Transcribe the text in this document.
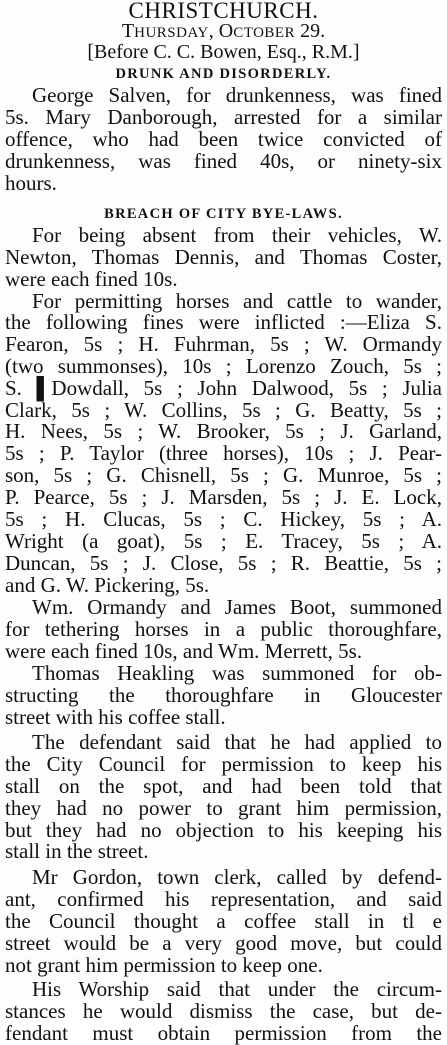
CHRISTCHURCH.
THURSDAY, OCTOBER 29.
[Before C. C. Bowen, Esq., R.M.]
DRUNK AND DISORDERLY.
George Salven, for drunkenness, was fined
5s. Mary Danborough, arrested for a similar
offence, who had been twice convicted of
drunkenness, was fined 40s, or ninety-six
hours.
BREACH OF CITY BYE-LAWS.
For being absent from their vehicles, W.
Newton, Thomas Dennis, and Thomas Coster,
were each fined 10s.
For permitting horses and cattle to wander,
the following fines were inflicted :—Eliza S.
Fearon, 5s ; H. Fuhrman, 5s ; W. Ormandy
(two summonses), 10s ; Lorenzo Zouch, 5s ;
S. ▌Dowdall, 5s ; John Dalwood, 5s ; Julia
Clark, 5s ; W. Collins, 5s ; G. Beatty, 5s ;
H. Nees, 5s ; W. Brooker, 5s ; J. Garland,
5s ; P. Taylor (three horses), 10s ; J. Pear-
son, 5s ; G. Chisnell, 5s ; G. Munroe, 5s ;
P. Pearce, 5s ; J. Marsden, 5s ; J. E. Lock,
5s ; H. Clucas, 5s ; C. Hickey, 5s ; A.
Wright (a goat), 5s ; E. Tracey, 5s ; A.
Duncan, 5s ; J. Close, 5s ; R. Beattie, 5s ;
and G. W. Pickering, 5s.
Wm. Ormandy and James Boot, summoned
for tethering horses in a public thoroughfare,
were each fined 10s, and Wm. Merrett, 5s.
Thomas Heakling was summoned for ob-
structing the thoroughfare in Gloucester
street with his coffee stall.
The defendant said that he had applied to
the City Council for permission to keep his
stall on the spot, and had been told that
they had no power to grant him permission,
but they had no objection to his keeping his
stall in the street.
Mr Gordon, town clerk, called by defend-
ant, confirmed his representation, and said
the Council thought a coffee stall in tl e
street would be a very good move, but could
not grant him permission to keep one.
His Worship said that under the circum-
stances he would dismiss the case, but de-
fendant must obtain permission from the
